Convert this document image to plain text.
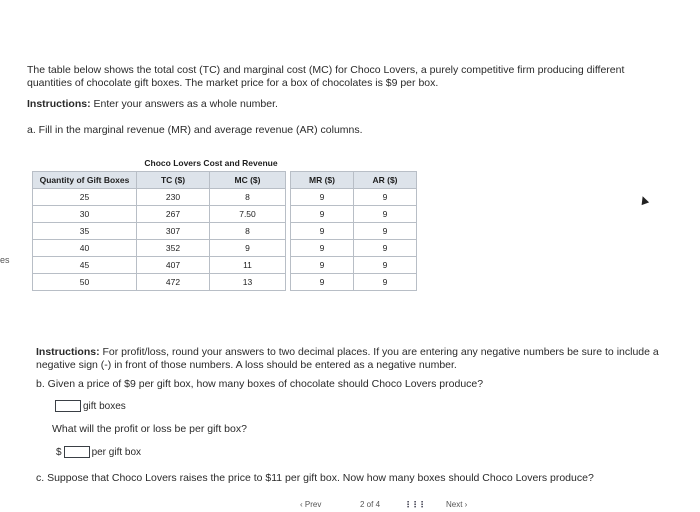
es
The table below shows the total cost (TC) and marginal cost (MC) for Choco Lovers, a purely competitive firm producing different quantities of chocolate gift boxes. The market price for a box of chocolates is $9 per box.
Instructions: Enter your answers as a whole number.
a. Fill in the marginal revenue (MR) and average revenue (AR) columns.
	Choco Lovers Cost and Revenue				
Quantity of Gift Boxes	TC ($)	MC ($)		MR ($)	AR ($)
25	230	8		9	9
30	267	7.50		9	9
35	307	8		9	9
40	352	9		9	9
45	407	11		9	9
50	472	13		9	9
Instructions: For profit/loss, round your answers to two decimal places. If you are entering any negative numbers be sure to include a negative sign (-) in front of those numbers. A loss should be entered as a negative number.
b. Given a price of $9 per gift box, how many boxes of chocolate should Choco Lovers produce?
gift boxes
What will the profit or loss be per gift box?
$	per gift box
c. Suppose that Choco Lovers raises the price to $11 per gift box. Now how many boxes should Choco Lovers produce?
‹ Prev	2 of 4	⋮⋮⋮	Next ›
